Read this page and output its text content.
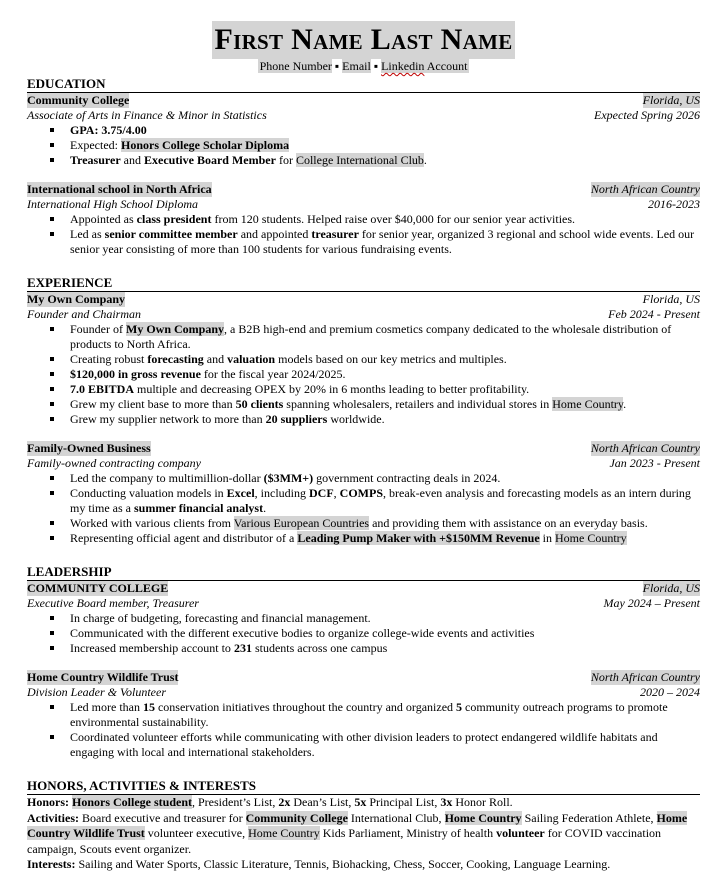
First Name Last Name
Phone Number ▪ Email ▪ Linkedin Account
EDUCATION
Community College	Florida, US
Associate of Arts in Finance & Minor in Statistics	Expected Spring 2026
GPA: 3.75/4.00
Expected: Honors College Scholar Diploma
Treasurer and Executive Board Member for College International Club.
International school in North Africa	North African Country
International High School Diploma	2016-2023
Appointed as class president from 120 students. Helped raise over $40,000 for our senior year activities.
Led as senior committee member and appointed treasurer for senior year, organized 3 regional and school wide events. Led our senior year consisting of more than 100 students for various fundraising events.
EXPERIENCE
My Own Company	Florida, US
Founder and Chairman	Feb 2024 - Present
Founder of My Own Company, a B2B high-end and premium cosmetics company dedicated to the wholesale distribution of products to North Africa.
Creating robust forecasting and valuation models based on our key metrics and multiples.
$120,000 in gross revenue for the fiscal year 2024/2025.
7.0 EBITDA multiple and decreasing OPEX by 20% in 6 months leading to better profitability.
Grew my client base to more than 50 clients spanning wholesalers, retailers and individual stores in Home Country.
Grew my supplier network to more than 20 suppliers worldwide.
Family-Owned Business	North African Country
Family-owned contracting company	Jan 2023 - Present
Led the company to multimillion-dollar ($3MM+) government contracting deals in 2024.
Conducting valuation models in Excel, including DCF, COMPS, break-even analysis and forecasting models as an intern during my time as a summer financial analyst.
Worked with various clients from Various European Countries and providing them with assistance on an everyday basis.
Representing official agent and distributor of a Leading Pump Maker with +$150MM Revenue in Home Country
LEADERSHIP
COMMUNITY COLLEGE	Florida, US
Executive Board member, Treasurer	May 2024 – Present
In charge of budgeting, forecasting and financial management.
Communicated with the different executive bodies to organize college-wide events and activities
Increased membership account to 231 students across one campus
Home Country Wildlife Trust	North African Country
Division Leader & Volunteer	2020 – 2024
Led more than 15 conservation initiatives throughout the country and organized 5 community outreach programs to promote environmental sustainability.
Coordinated volunteer efforts while communicating with other division leaders to protect endangered wildlife habitats and engaging with local and international stakeholders.
HONORS, ACTIVITIES & INTERESTS

Honors: Honors College student, President’s List, 2x Dean’s List, 5x Principal List, 3x Honor Roll.

Activities: Board executive and treasurer for Community College International Club, Home Country Sailing Federation Athlete, Home Country Wildlife Trust volunteer executive, Home Country Kids Parliament, Ministry of health volunteer for COVID vaccination campaign, Scouts event organizer.

Interests: Sailing and Water Sports, Classic Literature, Tennis, Biohacking, Chess, Soccer, Cooking, Language Learning.
